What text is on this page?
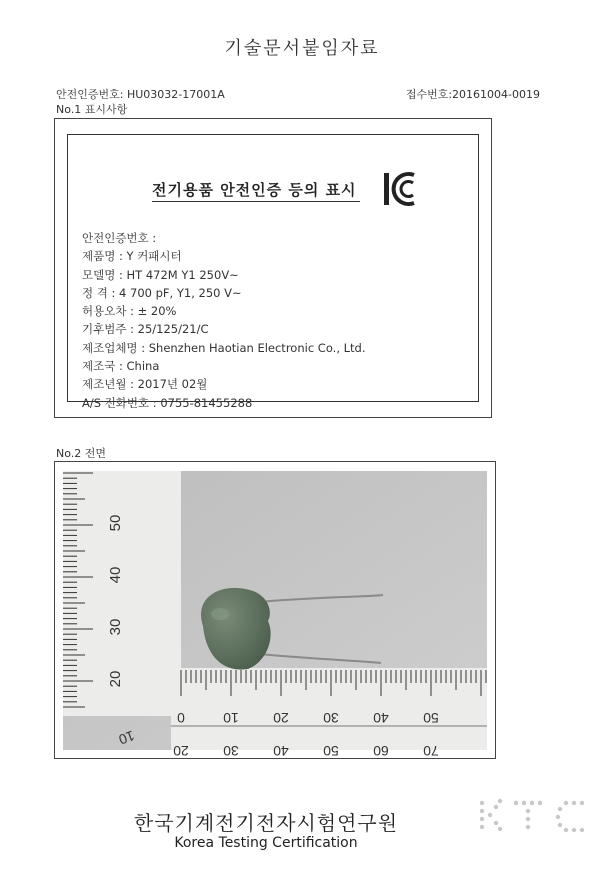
기술문서붙임자료
안전인증번호: HU03032-17001A	접수번호:20161004-0019
No.1 표시사항
전기용품 안전인증 등의 표시
안전인증번호 :
제품명 : Y 커패시터
모델명 : HT 472M Y1 250V~
정 격 : 4 700 pF, Y1, 250 V~
허용오차 : ± 20%
기후범주 : 25/125/21/C
제조업체명 : Shenzhen Haotian Electronic Co., Ltd.
제조국 : China
제조년월 : 2017년 02월
A/S 전화번호 : 0755-81455288
No.2 전면
50
40
30
20
0	10 20 30 40 50
10
20 30 40 50 60 70
한국기계전기전자시험연구원
Korea Testing Certification
